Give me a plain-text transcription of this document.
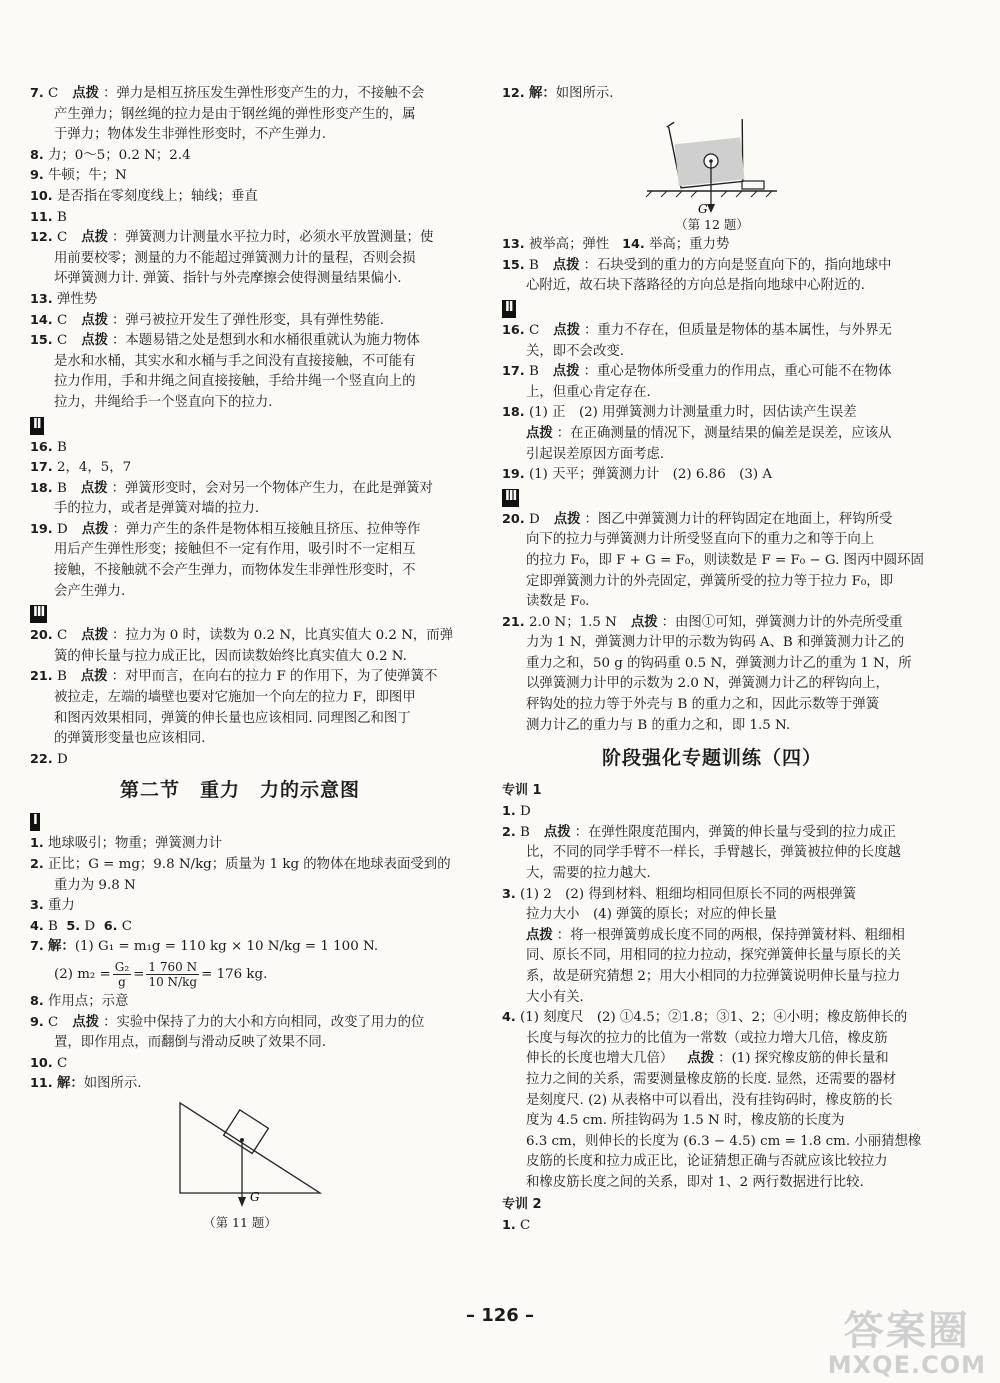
7. C 点拨 ：弹力是相互挤压发生弹性形变产生的力，不接触不会
产生弹力；钢丝绳的拉力是由于钢丝绳的弹性形变产生的，属
于弹力；物体发生非弹性形变时，不产生弹力.
8. 力；0～5；0.2 N；2.4
9. 牛顿；牛；N
10. 是否指在零刻度线上；轴线；垂直
11. B
12. C 点拨 ：弹簧测力计测量水平拉力时，必须水平放置测量；使
用前要校零；测量的力不能超过弹簧测力计的量程，否则会损
坏弹簧测力计. 弹簧、指针与外壳摩擦会使得测量结果偏小.
13. 弹性势
14. C 点拨 ：弹弓被拉开发生了弹性形变，具有弹性势能.
15. C 点拨 ：本题易错之处是想到水和水桶很重就认为施力物体
是水和水桶，其实水和水桶与手之间没有直接接触，不可能有
拉力作用，手和井绳之间直接接触，手给井绳一个竖直向上的
拉力，井绳给手一个竖直向下的拉力.
Ⅱ
16. B
17. 2，4，5，7
18. B 点拨 ：弹簧形变时，会对另一个物体产生力，在此是弹簧对
手的拉力，或者是弹簧对墙的拉力.
19. D 点拨 ：弹力产生的条件是物体相互接触且挤压、拉伸等作
用后产生弹性形变；接触但不一定有作用，吸引时不一定相互
接触，不接触就不会产生弹力，而物体发生非弹性形变时，不
会产生弹力.
Ⅲ
20. C 点拨 ：拉力为 0 时，读数为 0.2 N，比真实值大 0.2 N，而弹
簧的伸长量与拉力成正比，因而读数始终比真实值大 0.2 N.
21. B 点拨 ：对甲而言，在向右的拉力 F 的作用下，为了使弹簧不
被拉走，左端的墙壁也要对它施加一个向左的拉力 F，即图甲
和图丙效果相同，弹簧的伸长量也应该相同. 同理图乙和图丁
的弹簧形变量也应该相同.
22. D
第二节　重力　力的示意图
Ⅰ
1. 地球吸引；物重；弹簧测力计
2. 正比；G = mg；9.8 N/kg；质量为 1 kg 的物体在地球表面受到的
重力为 9.8 N
3. 重力
4. B 5. D 6. C
7. 解：(1) G₁ = m₁g = 110 kg × 10 N/kg = 1 100 N.
(2) $m_2 = \frac{\text{G₂}}{g} = \frac{1 760 N}{10 N/kg} = 176$ kg.
8. 作用点；示意
9. C 点拨 ：实验中保持了力的大小和方向相同，改变了用力的位
置，即作用点，而翻倒与滑动反映了效果不同.
10. C
11. 解：如图所示.
G
（第 11 题）
12. 解：如图所示.
G
（第 12 题）
13. 被举高；弹性 14. 举高；重力势
15. B 点拨 ：石块受到的重力的方向是竖直向下的，指向地球中
心附近，故石块下落路径的方向总是指向地球中心附近的.
Ⅱ
16. C 点拨 ：重力不存在，但质量是物体的基本属性，与外界无
关，即不会改变.
17. B 点拨 ：重心是物体所受重力的作用点，重心可能不在物体
上，但重心肯定存在.
18. (1) 正　(2) 用弹簧测力计测量重力时，因估读产生误差
点拨 ：在正确测量的情况下，测量结果的偏差是误差，应该从
引起误差原因方面考虑.
19. (1) 天平；弹簧测力计　(2) 6.86　(3) A
Ⅲ
20. D 点拨 ：图乙中弹簧测力计的秤钩固定在地面上，秤钩所受
向下的拉力与弹簧测力计所受竖直向下的重力之和等于向上
的拉力 F₀，即 F + G = F₀，则读数是 F = F₀ − G. 图丙中圆环固
定即弹簧测力计的外壳固定，弹簧所受的拉力等于拉力 F₀，即
读数是 F₀.
21. 2.0 N；1.5 N 点拨 ：由图①可知，弹簧测力计的外壳所受重
力为 1 N，弹簧测力计甲的示数为钩码 A、B 和弹簧测力计乙的
重力之和，50 g 的钩码重 0.5 N，弹簧测力计乙的重为 1 N，所
以弹簧测力计甲的示数为 2.0 N，弹簧测力计乙的秤钩向上，
秤钩处的拉力等于外壳与 B 的重力之和，因此示数等于弹簧
测力计乙的重力与 B 的重力之和，即 1.5 N.
阶段强化专题训练（四）
专训 1
1. D
2. B 点拨 ：在弹性限度范围内，弹簧的伸长量与受到的拉力成正
比，不同的同学手臂不一样长，手臂越长，弹簧被拉伸的长度越
大，需要的拉力越大.
3. (1) 2　(2) 得到材料、粗细均相同但原长不同的两根弹簧
拉力大小　(4) 弹簧的原长；对应的伸长量
点拨 ：将一根弹簧剪成长度不同的两根，保持弹簧材料、粗细相
同、原长不同，用相同的拉力拉动，探究弹簧伸长量与原长的关
系，故是研究猜想 2；用大小相同的力拉弹簧说明伸长量与拉力
大小有关.
4. (1) 刻度尺　(2) ①4.5；②1.8；③1、2；④小明；橡皮筋伸长的
长度与每次的拉力的比值为一常数（或拉力增大几倍，橡皮筋
伸长的长度也增大几倍） 点拨 ：(1) 探究橡皮筋的伸长量和
拉力之间的关系，需要测量橡皮筋的长度. 显然，还需要的器材
是刻度尺. (2) 从表格中可以看出，没有挂钩码时，橡皮筋的长
度为 4.5 cm. 所挂钩码为 1.5 N 时，橡皮筋的长度为
6.3 cm，则伸长的长度为 (6.3 − 4.5) cm = 1.8 cm. 小丽猜想橡
皮筋的长度和拉力成正比，论证猜想正确与否就应该比较拉力
和橡皮筋长度之间的关系，即对 1、2 两行数据进行比较.
专训 2
1. C
– 126 –	答案圈
MXQE.COM
